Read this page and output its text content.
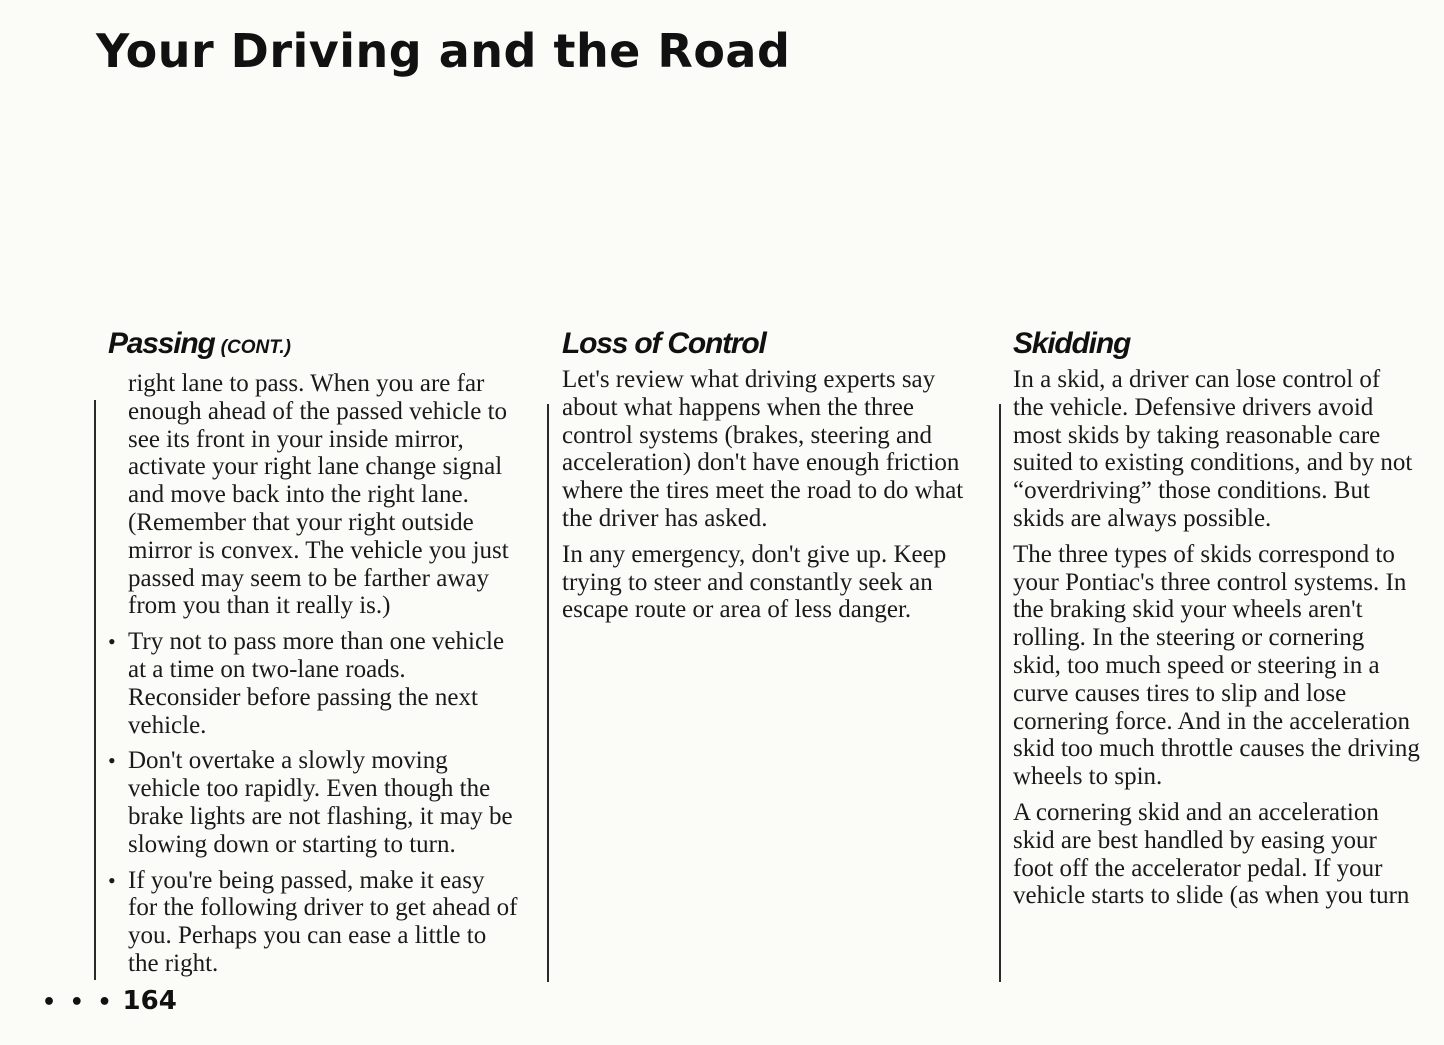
Your Driving and the Road
Passing (CONT.)

right lane to pass. When you are far
enough ahead of the passed vehicle to
see its front in your inside mirror,
activate your right lane change signal
and move back into the right lane.
(Remember that your right outside
mirror is convex. The vehicle you just
passed may seem to be farther away
from you than it really is.)

• Try not to pass more than one vehicle
at a time on two-lane roads.
Reconsider before passing the next
vehicle.
• Don't overtake a slowly moving
vehicle too rapidly. Even though the
brake lights are not flashing, it may be
slowing down or starting to turn.
• If you're being passed, make it easy
for the following driver to get ahead of
you. Perhaps you can ease a little to
the right.
Loss of Control

Let's review what driving experts say
about what happens when the three
control systems (brakes, steering and
acceleration) don't have enough friction
where the tires meet the road to do what
the driver has asked.

In any emergency, don't give up. Keep
trying to steer and constantly seek an
escape route or area of less danger.

Skidding

In a skid, a driver can lose control of
the vehicle. Defensive drivers avoid
most skids by taking reasonable care
suited to existing conditions, and by not
“overdriving” those conditions. But
skids are always possible.

The three types of skids correspond to
your Pontiac's three control systems. In
the braking skid your wheels aren't
rolling. In the steering or cornering
skid, too much speed or steering in a
curve causes tires to slip and lose
cornering force. And in the acceleration
skid too much throttle causes the driving
wheels to spin.

A cornering skid and an acceleration
skid are best handled by easing your
foot off the accelerator pedal. If your
vehicle starts to slide (as when you turn

• • • 164
